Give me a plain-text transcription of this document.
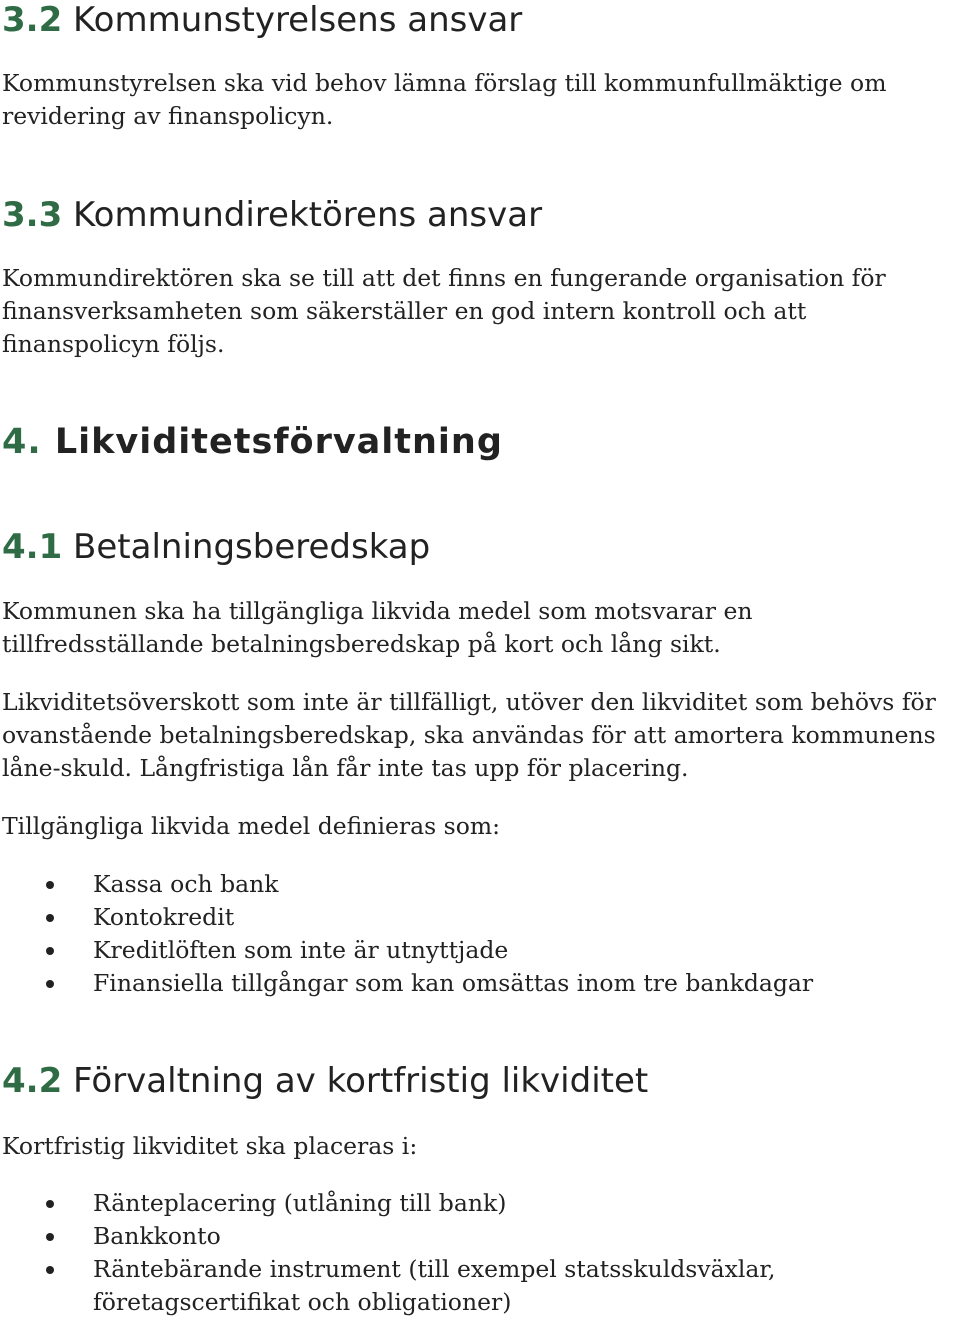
3.2 Kommunstyrelsens ansvar

Kommunstyrelsen ska vid behov lämna förslag till kommunfullmäktige om revidering av finanspolicyn.

3.3 Kommundirektörens ansvar

Kommundirektören ska se till att det finns en fungerande organisation för finansverksamheten som säkerställer en god intern kontroll och att finanspolicyn följs.

4. Likviditetsförvaltning
4.1 Betalningsberedskap

Kommunen ska ha tillgängliga likvida medel som motsvarar en tillfredsställande betalningsberedskap på kort och lång sikt.

Likviditetsöverskott som inte är tillfälligt, utöver den likviditet som behövs för ovanstående betalningsberedskap, ska användas för att amortera kommunens låne-skuld. Långfristiga lån får inte tas upp för placering.

Tillgängliga likvida medel definieras som:

Kassa och bank
Kontokredit
Kreditlöften som inte är utnyttjade
Finansiella tillgångar som kan omsättas inom tre bankdagar
4.2 Förvaltning av kortfristig likviditet

Kortfristig likviditet ska placeras i:

Ränteplacering (utlåning till bank)
Bankkonto
Räntebärande instrument (till exempel statsskuldsväxlar, företagscertifikat och obligationer)
